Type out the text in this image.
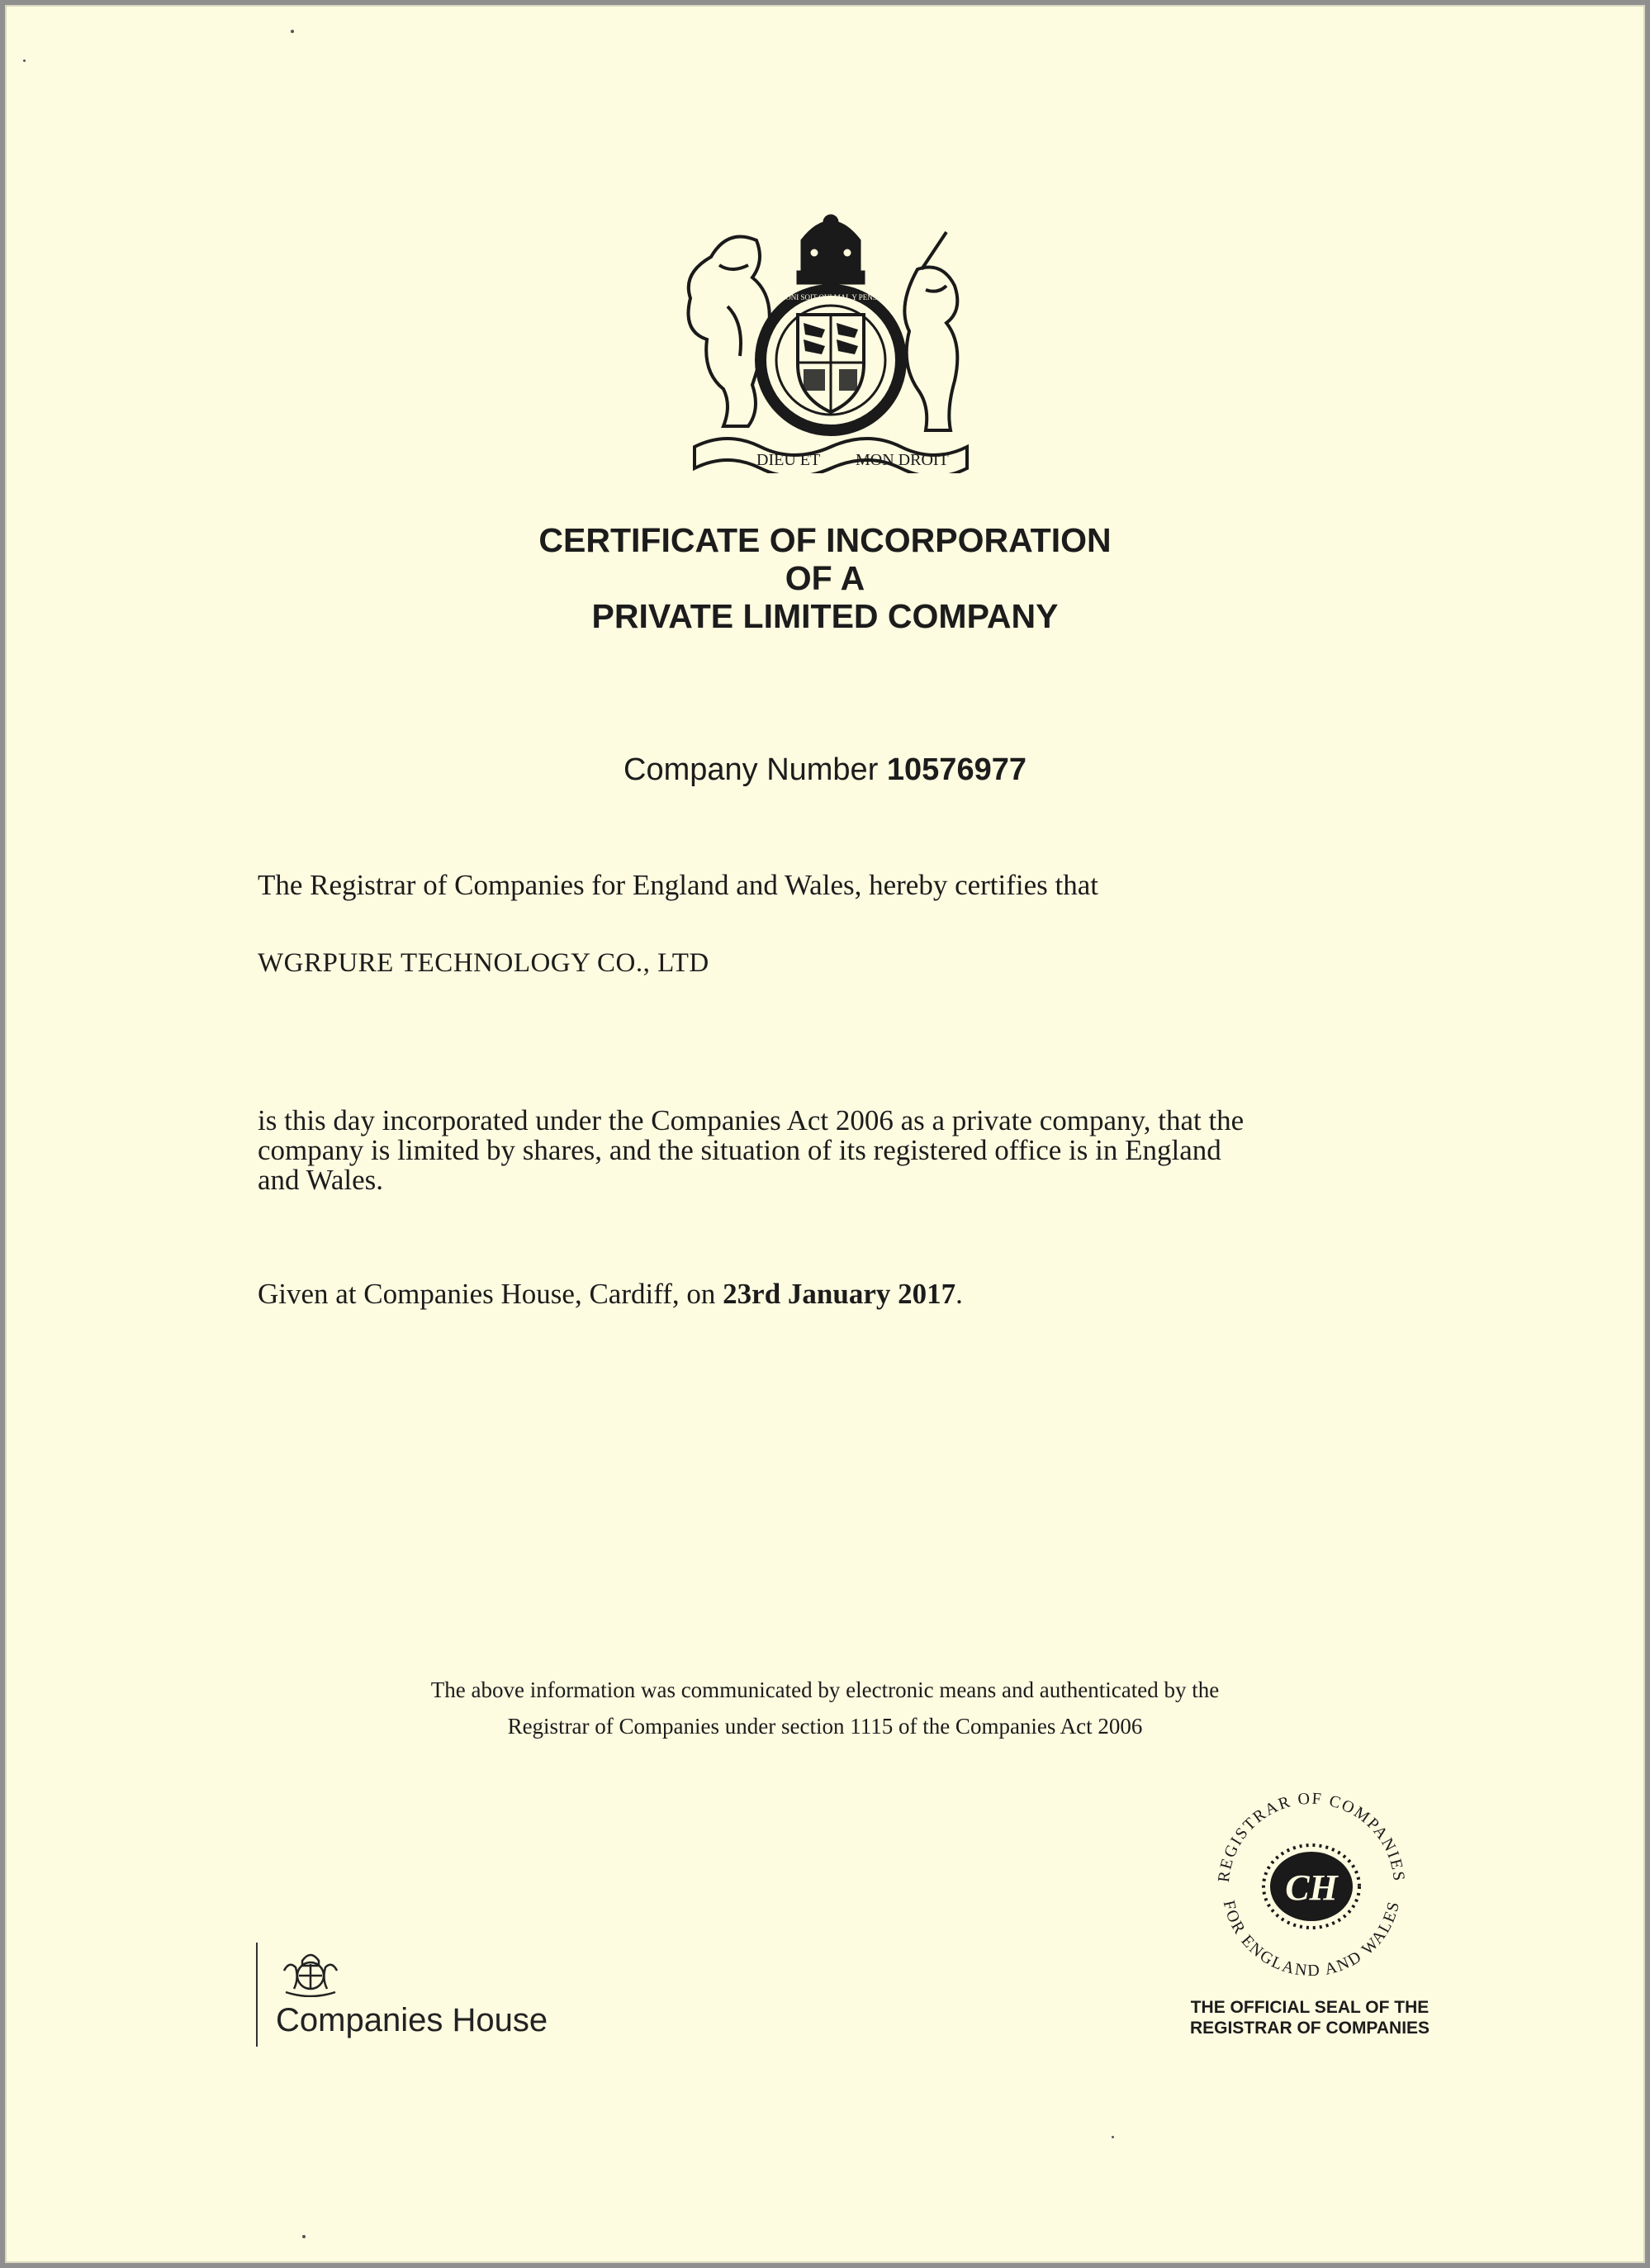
DIEU ET MON DROIT
HONI SOIT QUI MAL Y PENSE
CERTIFICATE OF INCORPORATION
OF A
PRIVATE LIMITED COMPANY
Company Number 10576977
The Registrar of Companies for England and Wales, hereby certifies that
WGRPURE TECHNOLOGY CO., LTD
is this day incorporated under the Companies Act 2006 as a private company, that the
company is limited by shares, and the situation of its registered office is in England
and Wales.
Given at Companies House, Cardiff, on 23rd January 2017.
The above information was communicated by electronic means and authenticated by the
Registrar of Companies under section 1115 of the Companies Act 2006
REGISTRAR OF COMPANIES
FOR ENGLAND AND WALES
CH
THE OFFICIAL SEAL OF THE
REGISTRAR OF COMPANIES
Companies House
